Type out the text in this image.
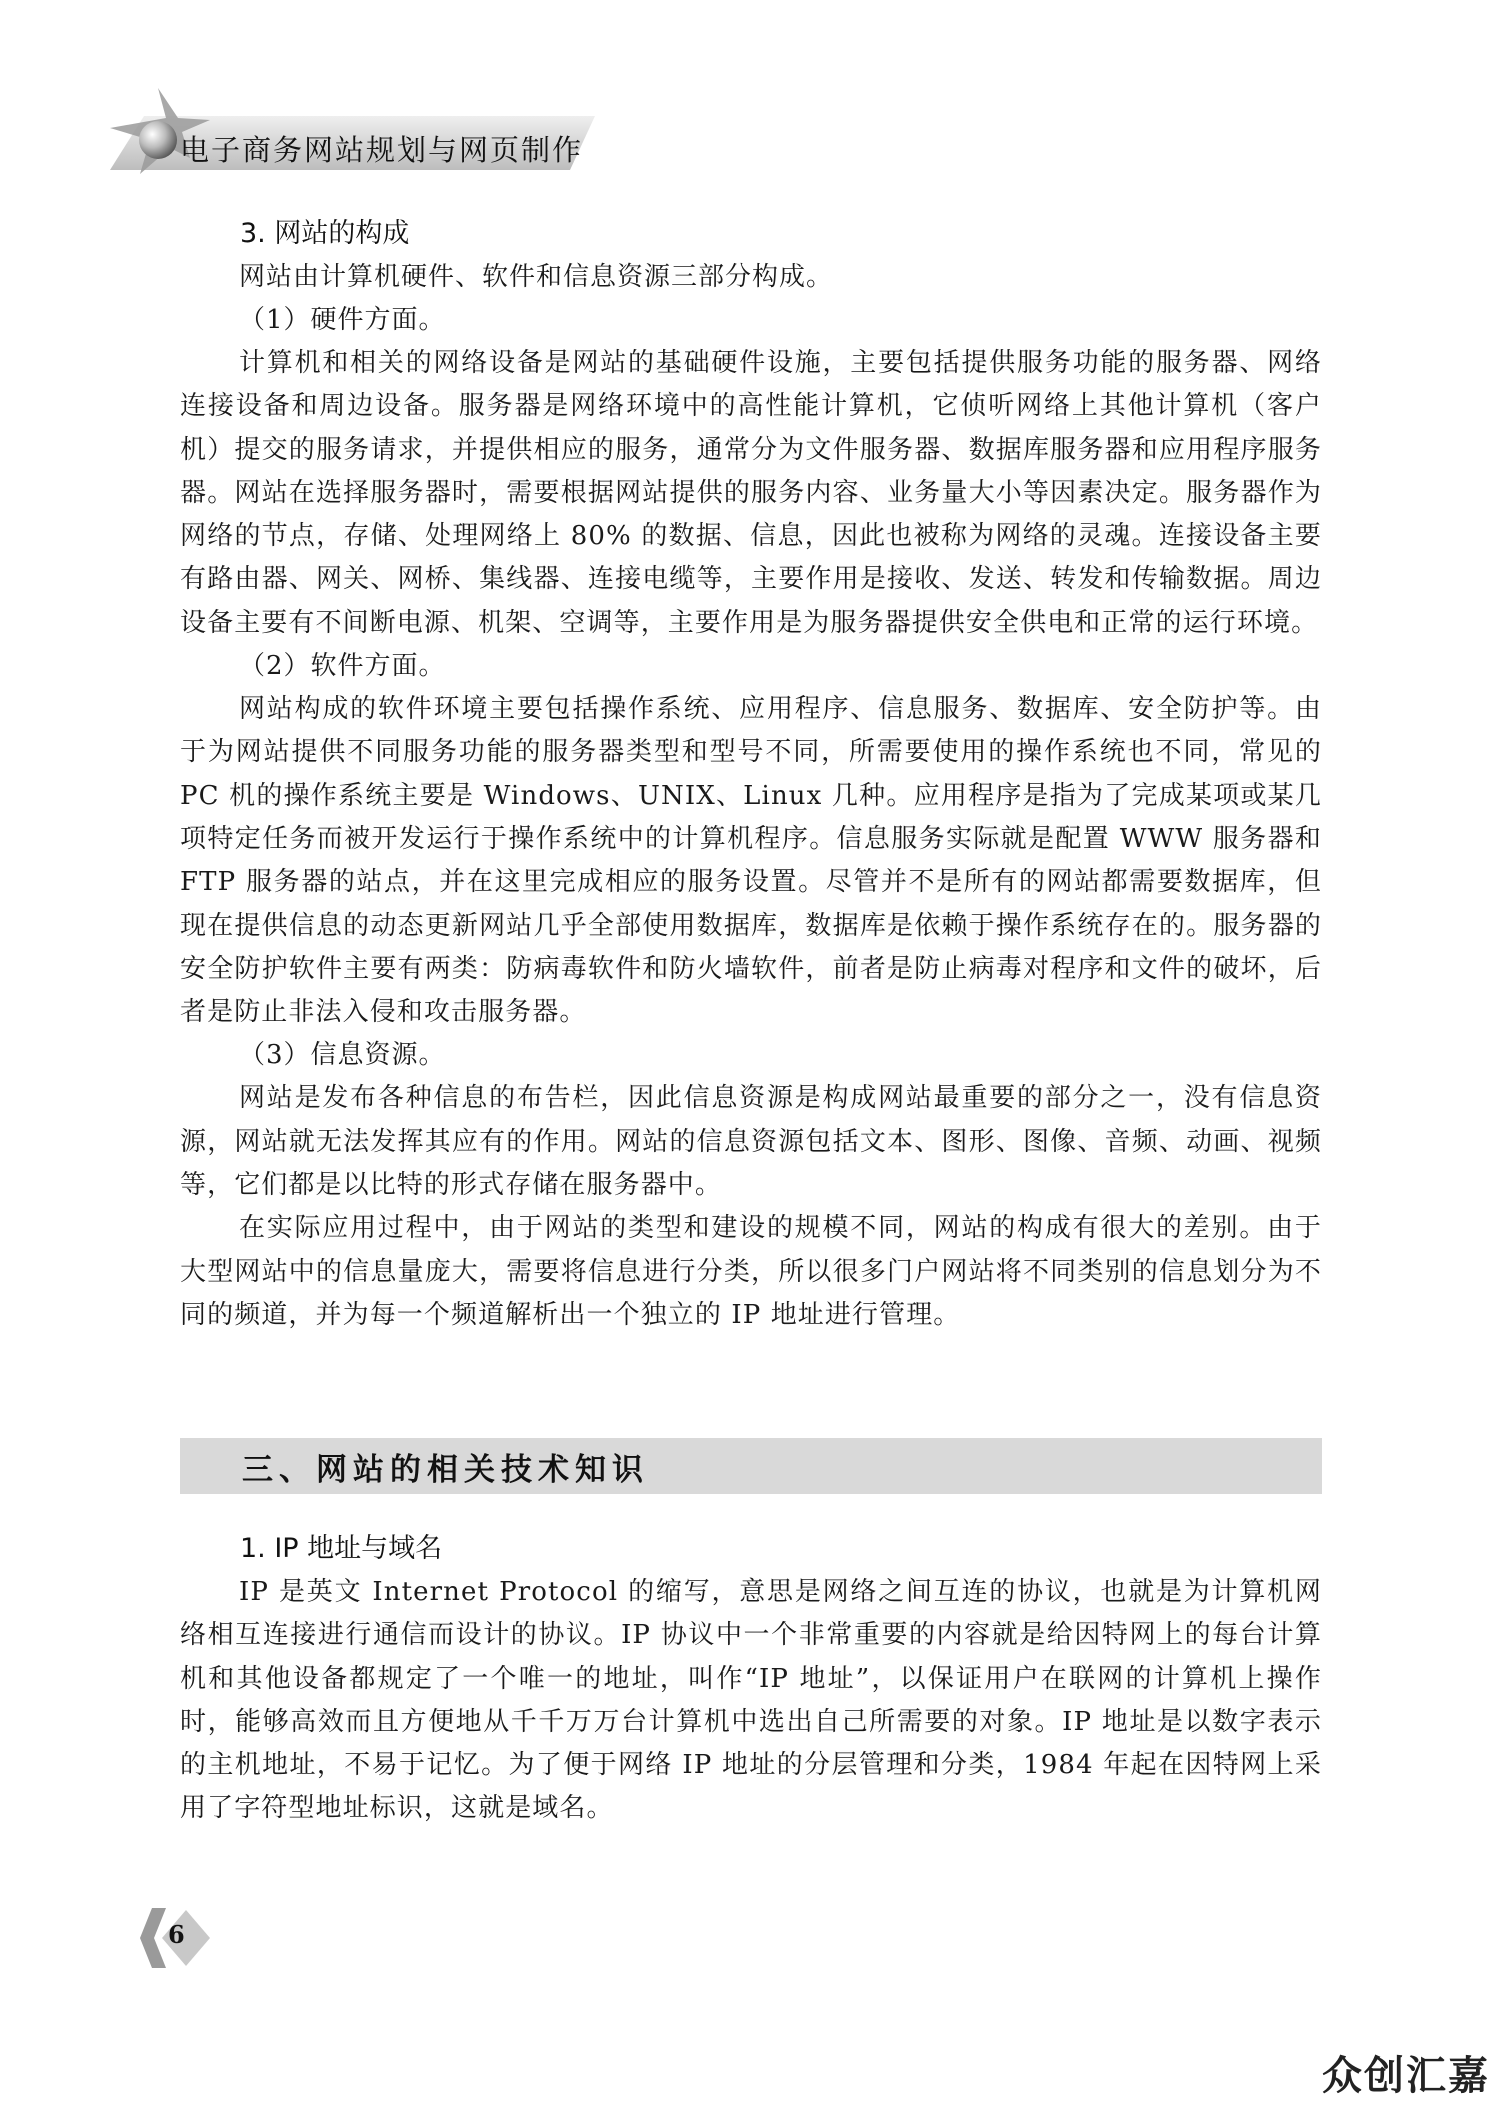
电子商务网站规划与网页制作

3. 网站的构成

网站由计算机硬件、软件和信息资源三部分构成。

（1）硬件方面。

计算机和相关的网络设备是网站的基础硬件设施，主要包括提供服务功能的服务器、网络连接设备和周边设备。服务器是网络环境中的高性能计算机，它侦听网络上其他计算机（客户机）提交的服务请求，并提供相应的服务，通常分为文件服务器、数据库服务器和应用程序服务器。网站在选择服务器时，需要根据网站提供的服务内容、业务量大小等因素决定。服务器作为网络的节点，存储、处理网络上 80% 的数据、信息，因此也被称为网络的灵魂。连接设备主要有路由器、网关、网桥、集线器、连接电缆等，主要作用是接收、发送、转发和传输数据。周边设备主要有不间断电源、机架、空调等，主要作用是为服务器提供安全供电和正常的运行环境。

（2）软件方面。

网站构成的软件环境主要包括操作系统、应用程序、信息服务、数据库、安全防护等。由于为网站提供不同服务功能的服务器类型和型号不同，所需要使用的操作系统也不同，常见的 PC 机的操作系统主要是 Windows、UNIX、Linux 几种。应用程序是指为了完成某项或某几项特定任务而被开发运行于操作系统中的计算机程序。信息服务实际就是配置 WWW 服务器和 FTP 服务器的站点，并在这里完成相应的服务设置。尽管并不是所有的网站都需要数据库，但现在提供信息的动态更新网站几乎全部使用数据库，数据库是依赖于操作系统存在的。服务器的安全防护软件主要有两类：防病毒软件和防火墙软件，前者是防止病毒对程序和文件的破坏，后者是防止非法入侵和攻击服务器。

（3）信息资源。

网站是发布各种信息的布告栏，因此信息资源是构成网站最重要的部分之一，没有信息资源，网站就无法发挥其应有的作用。网站的信息资源包括文本、图形、图像、音频、动画、视频等，它们都是以比特的形式存储在服务器中。

在实际应用过程中，由于网站的类型和建设的规模不同，网站的构成有很大的差别。由于大型网站中的信息量庞大，需要将信息进行分类，所以很多门户网站将不同类别的信息划分为不同的频道，并为每一个频道解析出一个独立的 IP 地址进行管理。

三、网站的相关技术知识

1. IP 地址与域名

IP 是英文 Internet Protocol 的缩写，意思是网络之间互连的协议，也就是为计算机网络相互连接进行通信而设计的协议。IP 协议中一个非常重要的内容就是给因特网上的每台计算机和其他设备都规定了一个唯一的地址，叫作“IP 地址”，以保证用户在联网的计算机上操作时，能够高效而且方便地从千千万万台计算机中选出自己所需要的对象。IP 地址是以数字表示的主机地址，不易于记忆。为了便于网络 IP 地址的分层管理和分类，1984 年起在因特网上采用了字符型地址标识，这就是域名。

6
众创汇嘉
